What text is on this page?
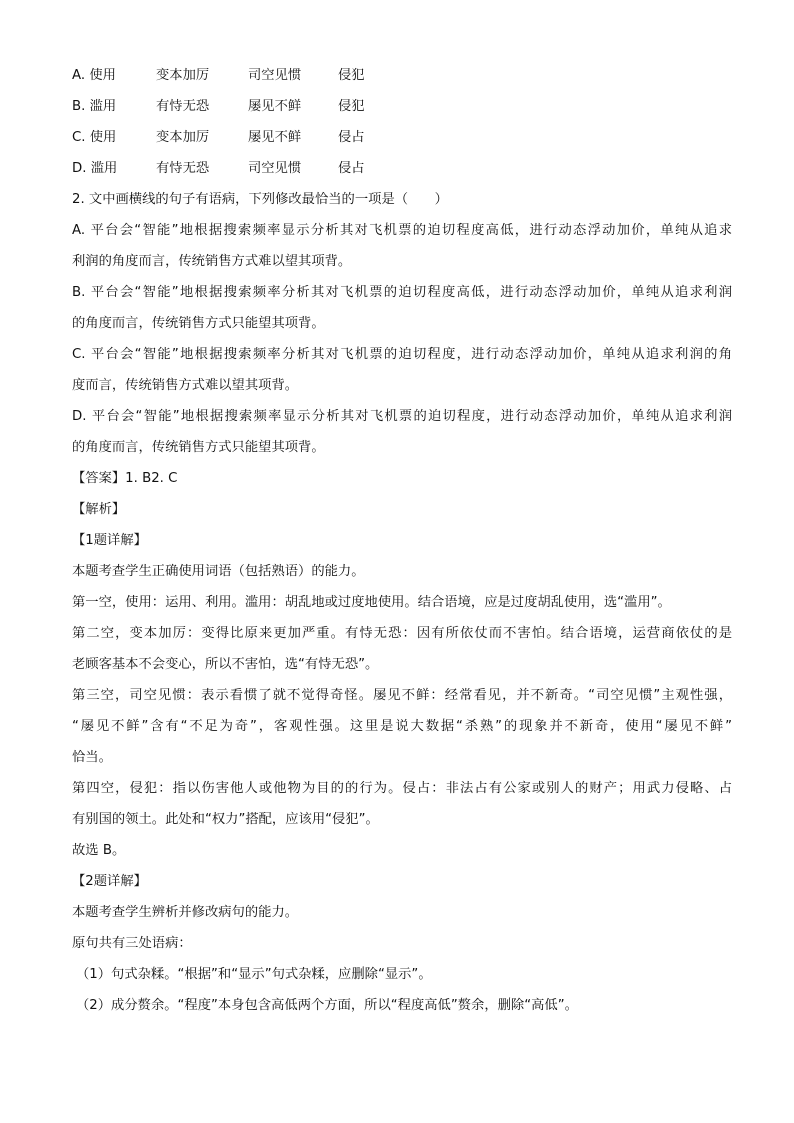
A. 使用	变本加厉	司空见惯	侵犯
B. 滥用	有恃无恐	屡见不鲜	侵犯
C. 使用	变本加厉	屡见不鲜	侵占
D. 滥用	有恃无恐	司空见惯	侵占
2. 文中画横线的句子有语病，下列修改最恰当的一项是（　　）
A. 平台会“智能”地根据搜索频率显示分析其对飞机票的迫切程度高低，进行动态浮动加价，单纯从追求
利润的角度而言，传统销售方式难以望其项背。
B. 平台会“智能”地根据搜索频率分析其对飞机票的迫切程度高低，进行动态浮动加价，单纯从追求利润
的角度而言，传统销售方式只能望其项背。
C. 平台会“智能”地根据搜索频率分析其对飞机票的迫切程度，进行动态浮动加价，单纯从追求利润的角
度而言，传统销售方式难以望其项背。
D. 平台会“智能”地根据搜索频率显示分析其对飞机票的迫切程度，进行动态浮动加价，单纯从追求利润
的角度而言，传统销售方式只能望其项背。
【答案】1. B2. C
【解析】
【1题详解】
本题考查学生正确使用词语（包括熟语）的能力。
第一空，使用：运用、利用。滥用：胡乱地或过度地使用。结合语境，应是过度胡乱使用，选“滥用”。
第二空，变本加厉：变得比原来更加严重。有恃无恐：因有所依仗而不害怕。结合语境，运营商依仗的是
老顾客基本不会变心，所以不害怕，选“有恃无恐”。
第三空，司空见惯：表示看惯了就不觉得奇怪。屡见不鲜：经常看见，并不新奇。“司空见惯”主观性强，
“屡见不鲜”含有“不足为奇”，客观性强。这里是说大数据“杀熟”的现象并不新奇，使用“屡见不鲜”
恰当。
第四空，侵犯：指以伤害他人或他物为目的的行为。侵占：非法占有公家或别人的财产；用武力侵略、占
有别国的领土。此处和“权力”搭配，应该用“侵犯”。
故选 B。
【2题详解】
本题考查学生辨析并修改病句的能力。
原句共有三处语病：
（1）句式杂糅。“根据”和“显示”句式杂糅，应删除“显示”。
（2）成分赘余。“程度”本身包含高低两个方面，所以“程度高低”赘余，删除“高低”。
